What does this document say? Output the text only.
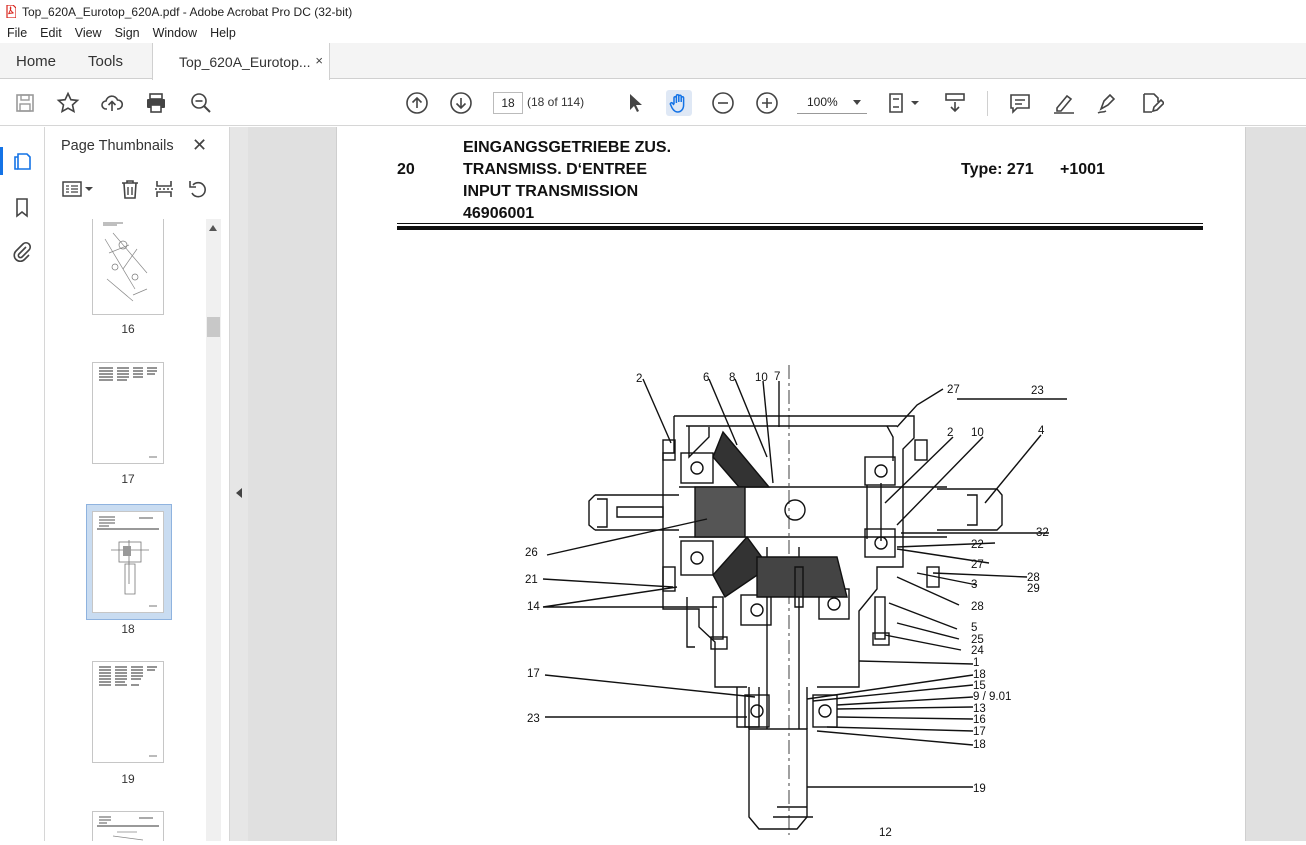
Top_620A_Eurotop_620A.pdf - Adobe Acrobat Pro DC (32-bit)
File	Edit	View	Sign	Window	Help
Home Tools	Top_620A_Eurotop... ×
18	(18 of 114)	100%
Page Thumbnails ✕
16
17
18
19
20
EINGANGSGETRIEBE ZUS.
TRANSMISS. D‘ENTREE
INPUT TRANSMISSION
46906001
Type: 271 +1001
2	6 8 10 7
27	23
2 10	4
26
22
32
21
27
3
28
29
14	28
5
25
24
1
17	18
15
9 / 9.01
13
23	16
17
18
19
12
